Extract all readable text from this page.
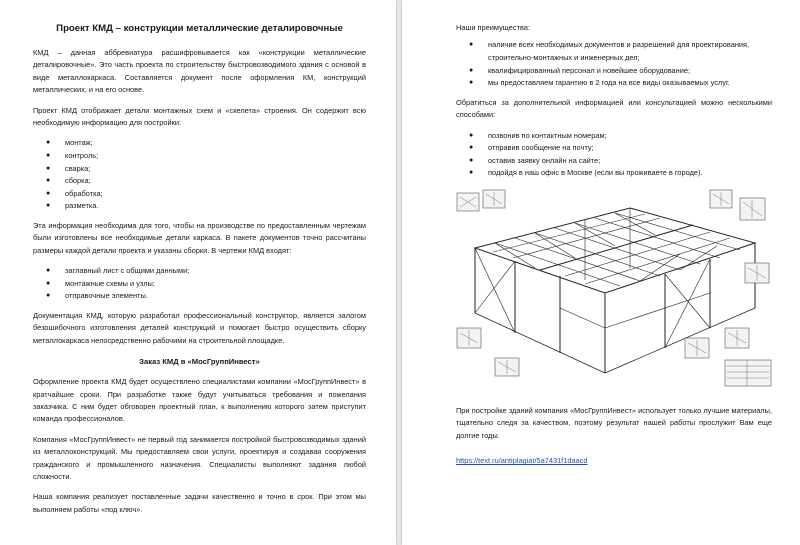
Проект КМД – конструкции металлические деталировочные

КМД – данная аббревиатура расшифровывается как «конструкции металлические деталировочные». Это часть проекта по строительству быстровозводимого здания с основой в виде металлокаркаса. Составляется документ после оформления КМ, конструкций металлических, и на его основе.

Проект КМД отображает детали монтажных схем и «скелета» строения. Он содержит всю необходимую информацию для постройки:

● монтаж;
● контроль;
● сварка;
● сборка;
● обработка;
● разметка.

Эта информация необходима для того, чтобы на производстве по предоставленным чертежам были изготовлены все необходимые детали каркаса. В пакете документов точно рассчитаны размеры каждой детали проекта и указаны сборки. В чертежи КМД входят:

● заглавный лист с общими данными;
● монтажные схемы и узлы;
● отправочные элементы.

Документация КМД, которую разработал профессиональный конструктор, является залогом безошибочного изготовления деталей конструкций и помогает быстро осуществить сборку металлокаркаса непосредственно рабочими на строительной площадке.

Заказ КМД в «МосГруппИнвест»

Оформление проекта КМД будет осуществлено специалистами компании «МосГруппИнвест» в кратчайшие сроки. При разработке также будут учитываться требования и пожелания заказчика. С ним будет обговорен проектный план, к выполнению которого затем приступит команда профессионалов.

Компания «МосГруппИнвест» не первый год занимается постройкой быстровозводимых зданий из металлоконструкций. Мы предоставляем свои услуги, проектируя и создавая сооружения гражданского и промышленного назначения. Специалисты выполняют задания любой сложности.

Наша компания реализует поставленные задачи качественно и точно в срок. При этом мы выполняем работы «под ключ».

Наши преимущества:

● наличие всех необходимых документов и разрешений для проектирования, строительно-монтажных и инженерных дел;
● квалифицированный персонал и новейшее оборудование;
● мы предоставляем гарантию в 2 года на все виды оказываемых услуг.

Обратиться за дополнительной информацией или консультацией можно несколькими способами:

● позвонив по контактным номерам;
● отправив сообщение на почту;
● оставив заявку онлайн на сайте;
● подойдя в наш офис в Москве (если вы проживаете в городе).

При постройке зданий компания «МосГруппИнвест» использует только лучшие материалы, тщательно следя за качеством, поэтому результат нашей работы прослужит Вам еще долгие годы.

https://text.ru/antiplagiat/5a7431f1daacd
